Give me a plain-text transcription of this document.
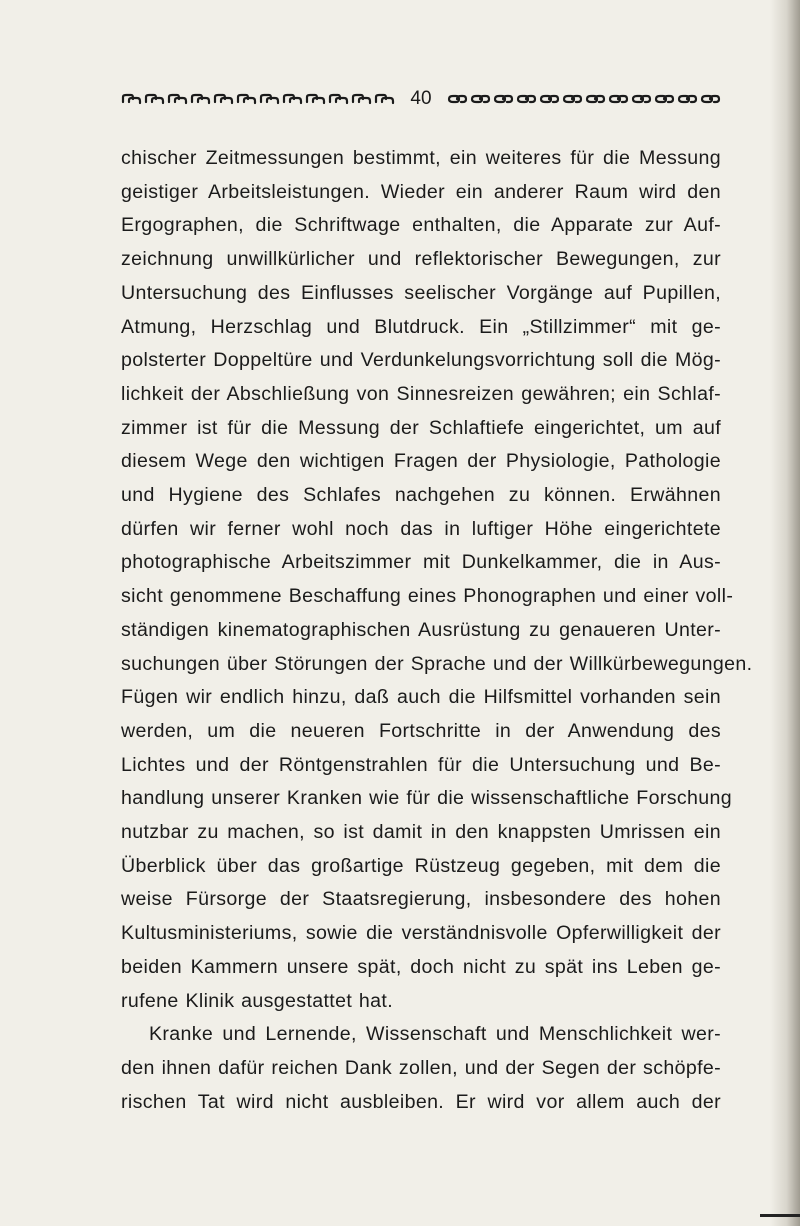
40

chischer Zeitmessungen bestimmt, ein weiteres für die Messung
geistiger Arbeitsleistungen. Wieder ein anderer Raum wird den
Ergographen, die Schriftwage enthalten, die Apparate zur Auf-
zeichnung unwillkürlicher und reflektorischer Bewegungen, zur
Untersuchung des Einflusses seelischer Vorgänge auf Pupillen,
Atmung, Herzschlag und Blutdruck. Ein „Stillzimmer“ mit ge-
polsterter Doppeltüre und Verdunkelungsvorrichtung soll die Mög-
lichkeit der Abschließung von Sinnesreizen gewähren; ein Schlaf-
zimmer ist für die Messung der Schlaftiefe eingerichtet, um auf
diesem Wege den wichtigen Fragen der Physiologie, Pathologie
und Hygiene des Schlafes nachgehen zu können. Erwähnen
dürfen wir ferner wohl noch das in luftiger Höhe eingerichtete
photographische Arbeitszimmer mit Dunkelkammer, die in Aus-
sicht genommene Beschaffung eines Phonographen und einer voll-
ständigen kinematographischen Ausrüstung zu genaueren Unter-
suchungen über Störungen der Sprache und der Willkürbewegungen.
Fügen wir endlich hinzu, daß auch die Hilfsmittel vorhanden sein
werden, um die neueren Fortschritte in der Anwendung des
Lichtes und der Röntgenstrahlen für die Untersuchung und Be-
handlung unserer Kranken wie für die wissenschaftliche Forschung
nutzbar zu machen, so ist damit in den knappsten Umrissen ein
Überblick über das großartige Rüstzeug gegeben, mit dem die
weise Fürsorge der Staatsregierung, insbesondere des hohen
Kultusministeriums, sowie die verständnisvolle Opferwilligkeit der
beiden Kammern unsere spät, doch nicht zu spät ins Leben ge-
rufene Klinik ausgestattet hat.

Kranke und Lernende, Wissenschaft und Menschlichkeit wer-
den ihnen dafür reichen Dank zollen, und der Segen der schöpfe-
rischen Tat wird nicht ausbleiben. Er wird vor allem auch der
